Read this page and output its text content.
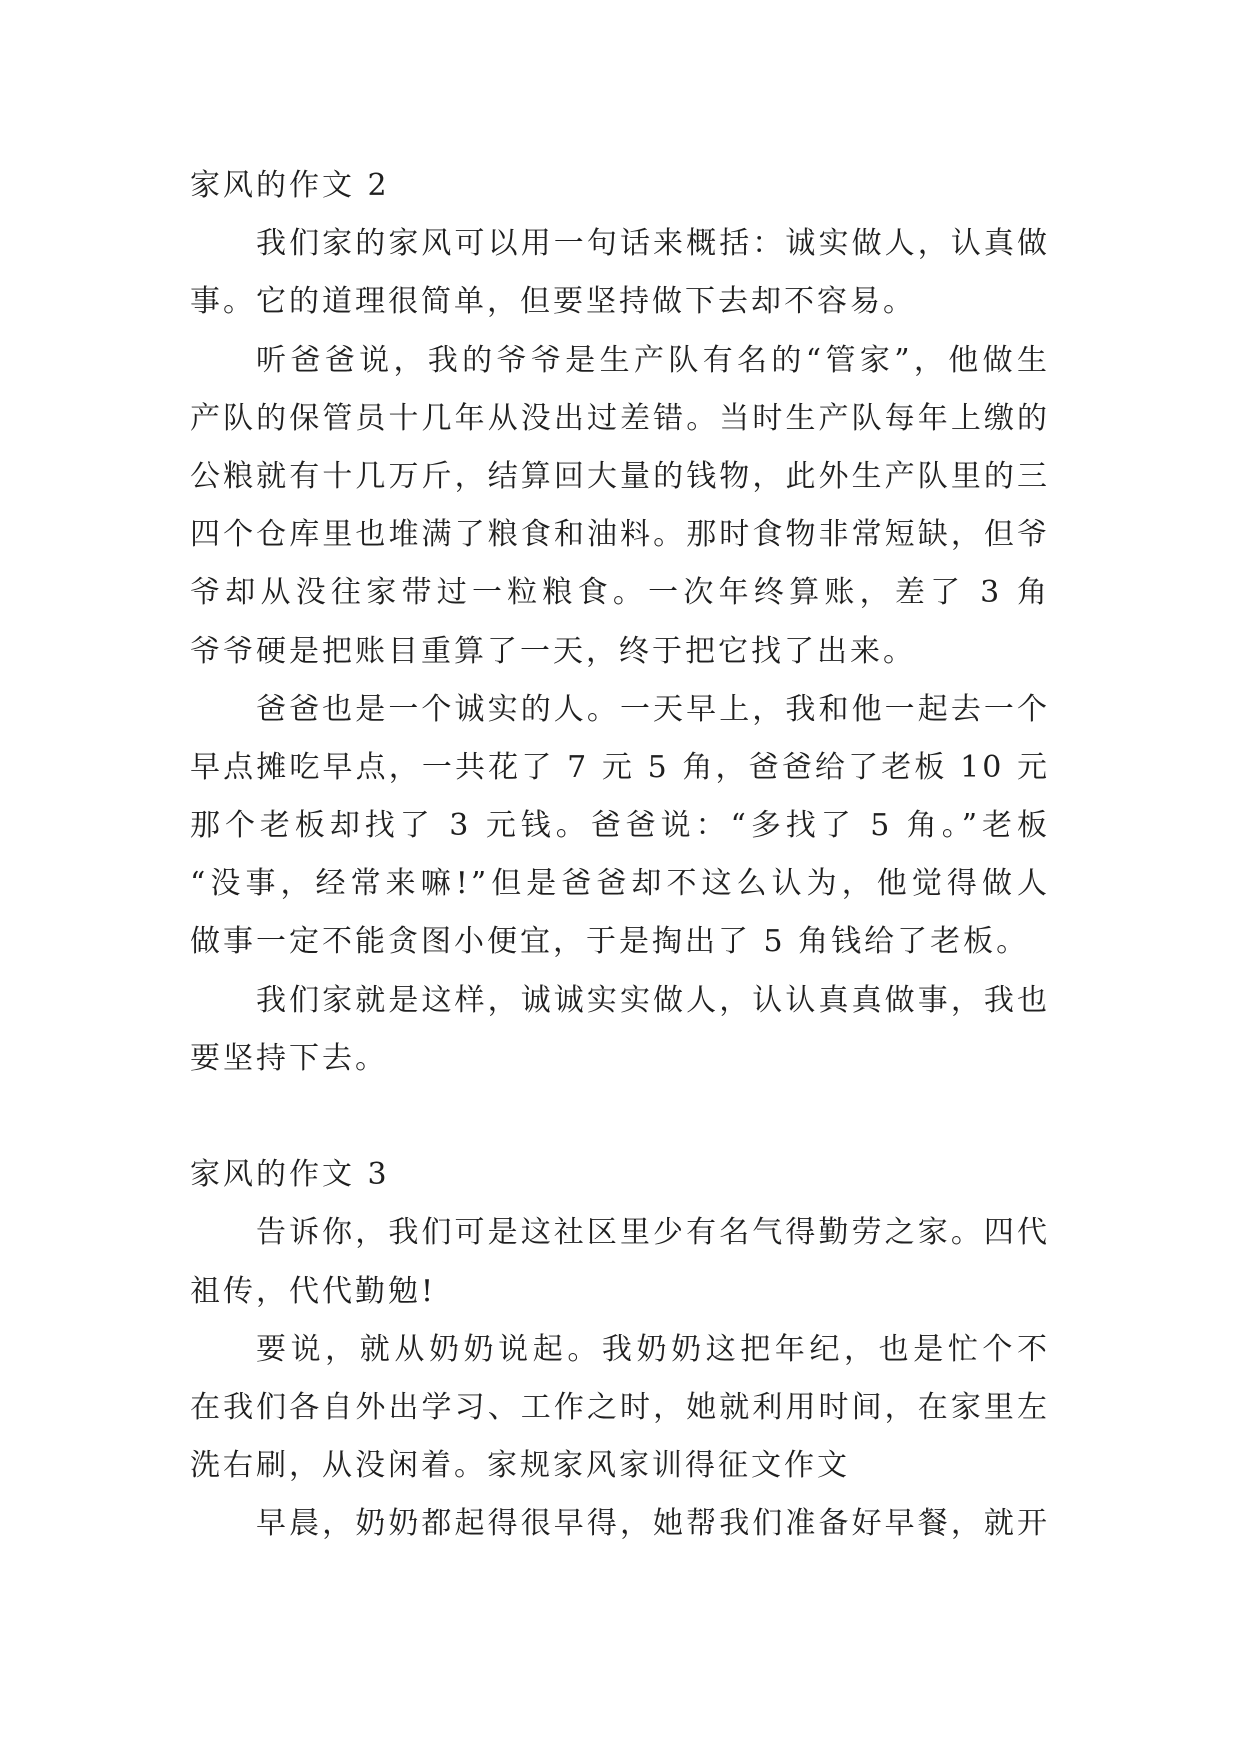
家风的作文 2
我们家的家风可以用一句话来概括：诚实做人，认真做
事。它的道理很简单，但要坚持做下去却不容易。
听爸爸说，我的爷爷是生产队有名的“管家”，他做生
产队的保管员十几年从没出过差错。当时生产队每年上缴的
公粮就有十几万斤，结算回大量的钱物，此外生产队里的三
四个仓库里也堆满了粮食和油料。那时食物非常短缺，但爷
爷却从没往家带过一粒粮食。一次年终算账，差了 3 角
爷爷硬是把账目重算了一天，终于把它找了出来。
爸爸也是一个诚实的人。一天早上，我和他一起去一个
早点摊吃早点，一共花了 7 元 5 角，爸爸给了老板 10 元
那个老板却找了 3 元钱。爸爸说：“多找了 5 角。”老板
“没事，经常来嘛!”但是爸爸却不这么认为，他觉得做人
做事一定不能贪图小便宜，于是掏出了 5 角钱给了老板。
我们家就是这样，诚诚实实做人，认认真真做事，我也
要坚持下去。
家风的作文 3
告诉你，我们可是这社区里少有名气得勤劳之家。四代
祖传，代代勤勉!
要说，就从奶奶说起。我奶奶这把年纪，也是忙个不
在我们各自外出学习、工作之时，她就利用时间，在家里左
洗右刷，从没闲着。家规家风家训得征文作文
早晨，奶奶都起得很早得，她帮我们准备好早餐，就开
